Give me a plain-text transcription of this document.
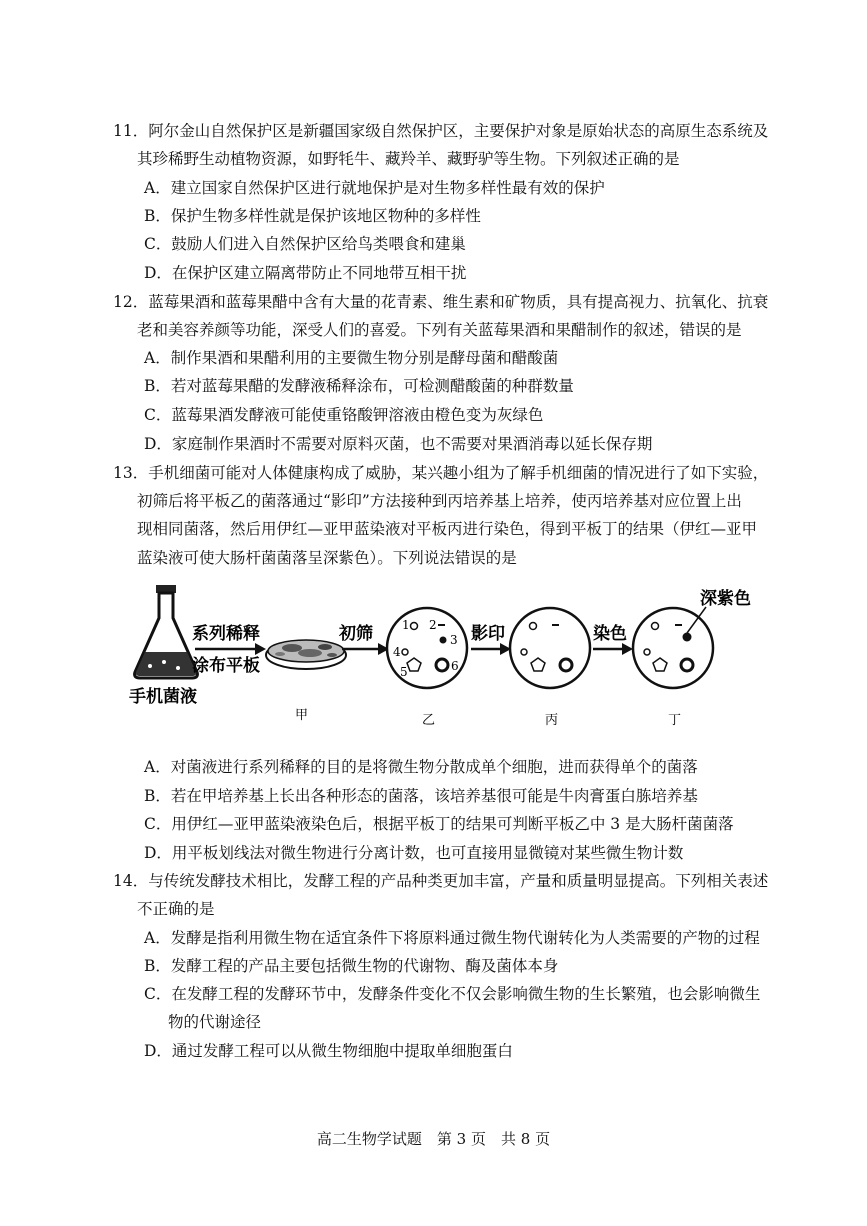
11．阿尔金山自然保护区是新疆国家级自然保护区，主要保护对象是原始状态的高原生态系统及
其珍稀野生动植物资源，如野牦牛、藏羚羊、藏野驴等生物。下列叙述正确的是
A．建立国家自然保护区进行就地保护是对生物多样性最有效的保护
B．保护生物多样性就是保护该地区物种的多样性
C．鼓励人们进入自然保护区给鸟类喂食和建巢
D．在保护区建立隔离带防止不同地带互相干扰
12．蓝莓果酒和蓝莓果醋中含有大量的花青素、维生素和矿物质，具有提高视力、抗氧化、抗衰
老和美容养颜等功能，深受人们的喜爱。下列有关蓝莓果酒和果醋制作的叙述，错误的是
A．制作果酒和果醋利用的主要微生物分别是酵母菌和醋酸菌
B．若对蓝莓果醋的发酵液稀释涂布，可检测醋酸菌的种群数量
C．蓝莓果酒发酵液可能使重铬酸钾溶液由橙色变为灰绿色
D．家庭制作果酒时不需要对原料灭菌，也不需要对果酒消毒以延长保存期
13．手机细菌可能对人体健康构成了威胁，某兴趣小组为了解手机细菌的情况进行了如下实验，
初筛后将平板乙的菌落通过“影印”方法接种到丙培养基上培养，使丙培养基对应位置上出
现相同菌落，然后用伊红—亚甲蓝染液对平板丙进行染色，得到平板丁的结果（伊红—亚甲
蓝染液可使大肠杆菌菌落呈深紫色）。下列说法错误的是
手机菌液
系列稀释
涂布平板
初筛 1 2
3
4
5	6
影印	染色
深紫色
甲	乙	丙	丁
A．对菌液进行系列稀释的目的是将微生物分散成单个细胞，进而获得单个的菌落
B．若在甲培养基上长出各种形态的菌落，该培养基很可能是牛肉膏蛋白胨培养基
C．用伊红—亚甲蓝染液染色后，根据平板丁的结果可判断平板乙中 3 是大肠杆菌菌落
D．用平板划线法对微生物进行分离计数，也可直接用显微镜对某些微生物计数
14．与传统发酵技术相比，发酵工程的产品种类更加丰富，产量和质量明显提高。下列相关表述
不正确的是
A．发酵是指利用微生物在适宜条件下将原料通过微生物代谢转化为人类需要的产物的过程
B．发酵工程的产品主要包括微生物的代谢物、酶及菌体本身
C．在发酵工程的发酵环节中，发酵条件变化不仅会影响微生物的生长繁殖，也会影响微生
物的代谢途径
D．通过发酵工程可以从微生物细胞中提取单细胞蛋白
高二生物学试题　第 3 页　共 8 页
